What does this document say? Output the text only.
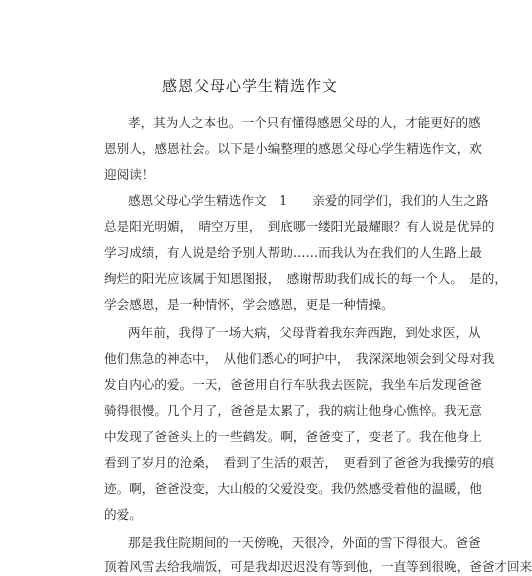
感恩父母心学生精选作文
孝，其为人之本也。一个只有懂得感恩父母的人，才能更好的感
恩别人，感恩社会。以下是小编整理的感恩父母心学生精选作文，欢
迎阅读！
感恩父母心学生精选作文　1　　亲爱的同学们，我们的人生之路
总是阳光明媚，　晴空万里，　到底哪一缕阳光最耀眼？有人说是优异的
学习成绩，有人说是给予别人帮助……而我认为在我们的人生路上最
绚烂的阳光应该属于知恩图报，　感谢帮助我们成长的每一个人。　是的，
学会感恩，是一种情怀，学会感恩，更是一种情操。
两年前，我得了一场大病，父母背着我东奔西跑，到处求医，从
他们焦急的神态中，　从他们悉心的呵护中，　我深深地领会到父母对我
发自内心的爱。一天，爸爸用自行车驮我去医院，我坐车后发现爸爸
骑得很慢。几个月了，爸爸是太累了，我的病让他身心憔悴。我无意
中发现了爸爸头上的一些鹤发。啊，爸爸变了，变老了。我在他身上
看到了岁月的沧桑，　看到了生活的艰苦，　更看到了爸爸为我操劳的痕
迹。啊，爸爸没变，大山般的父爱没变。我仍然感受着他的温暖，他
的爱。
那是我住院期间的一天傍晚，天很冷，外面的雪下得很大。爸爸
顶着风雪去给我端饭，可是我却迟迟没有等到他，一直等到很晚，爸爸才回来
